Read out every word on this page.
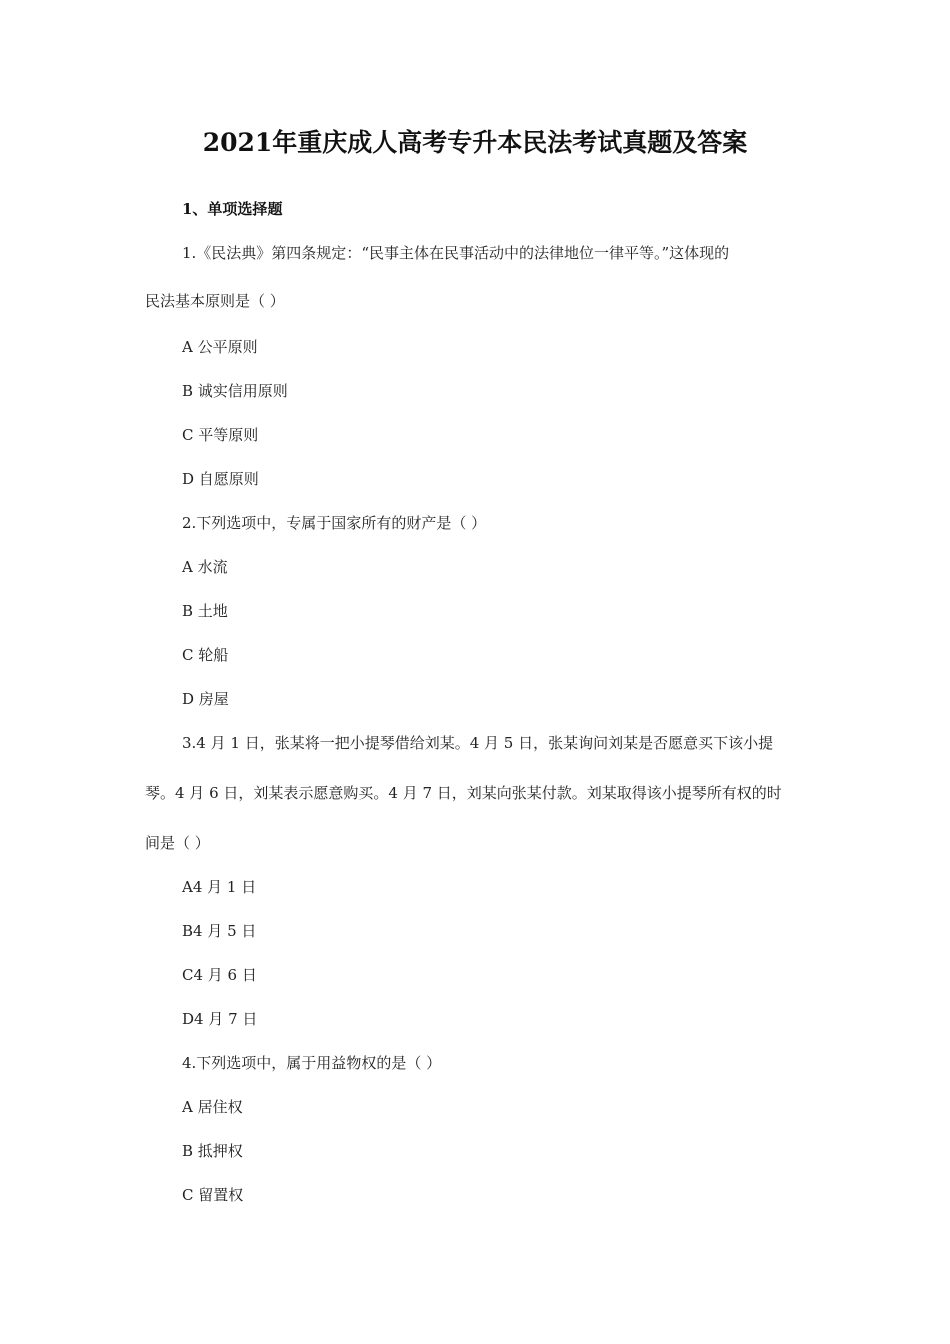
2021年重庆成人高考专升本民法考试真题及答案

1、单项选择题

1.《民法典》第四条规定：“民事主体在民事活动中的法律地位一律平等。”这体现的

民法基本原则是（ ）

A 公平原则

B 诚实信用原则

C 平等原则

D 自愿原则

2.下列选项中，专属于国家所有的财产是（ ）

A 水流

B 土地

C 轮船

D 房屋

3.4 月 1 日，张某将一把小提琴借给刘某。4 月 5 日，张某询问刘某是否愿意买下该小提

琴。4 月 6 日，刘某表示愿意购买。4 月 7 日，刘某向张某付款。刘某取得该小提琴所有权的时

间是（ ）

A4 月 1 日

B4 月 5 日

C4 月 6 日

D4 月 7 日

4.下列选项中，属于用益物权的是（ ）

A 居住权

B 抵押权

C 留置权
